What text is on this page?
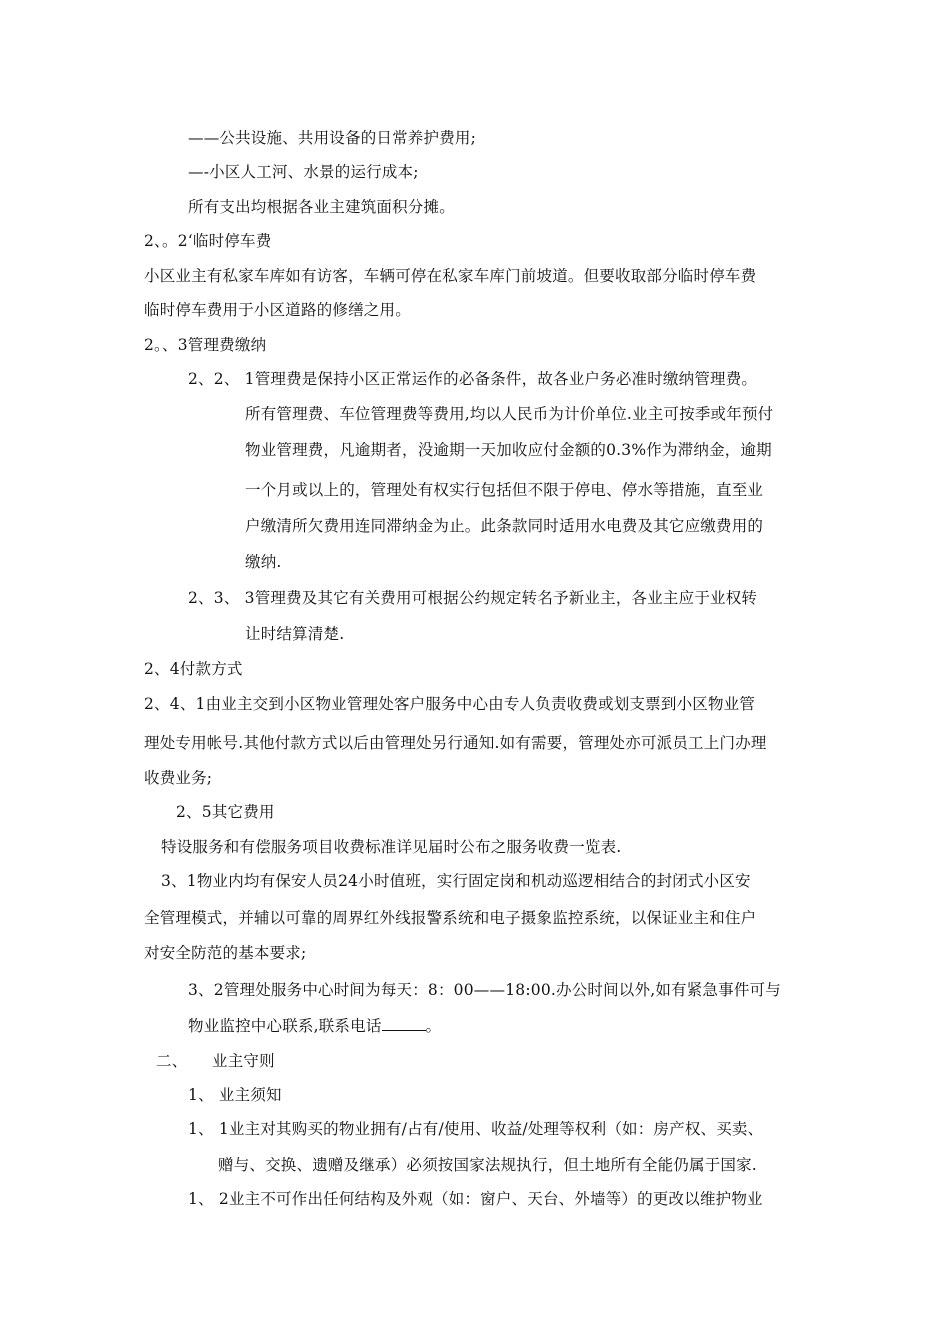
——公共设施、共用设备的日常养护费用;
—-小区人工河、水景的运行成本;
所有支出均根据各业主建筑面积分摊。
2、。2‘临时停车费
小区业主有私家车库如有访客，车辆可停在私家车库门前坡道。但要收取部分临时停车费
临时停车费用于小区道路的修缮之用。
2。、3管理费缴纳
2、2、 1管理费是保持小区正常运作的必备条件，故各业户务必准时缴纳管理费。
所有管理费、车位管理费等费用,均以人民币为计价单位.业主可按季或年预付
物业管理费，凡逾期者，没逾期一天加收应付金额的0.3%作为滞纳金，逾期
一个月或以上的，管理处有权实行包括但不限于停电、停水等措施，直至业
户缴清所欠费用连同滞纳金为止。此条款同时适用水电费及其它应缴费用的
缴纳.
2、3、 3管理费及其它有关费用可根据公约规定转名予新业主，各业主应于业权转
让时结算清楚.
2、4付款方式
2、4、1由业主交到小区物业管理处客户服务中心由专人负责收费或划支票到小区物业管
理处专用帐号.其他付款方式以后由管理处另行通知.如有需要，管理处亦可派员工上门办理
收费业务;
2、5其它费用
特设服务和有偿服务项目收费标准详见届时公布之服务收费一览表.
3、1物业内均有保安人员24小时值班，实行固定岗和机动巡逻相结合的封闭式小区安
全管理模式，并辅以可靠的周界红外线报警系统和电子摄象监控系统，以保证业主和住户
对安全防范的基本要求;
3、2管理处服务中心时间为每天：8：00——18:00.办公时间以外,如有紧急事件可与
物业监控中心联系,联系电话	。
二、 业主守则
1、 业主须知
1、 1业主对其购买的物业拥有/占有/使用、收益/处理等权利（如：房产权、买卖、
赠与、交换、遗赠及继承）必须按国家法规执行，但土地所有全能仍属于国家.
1、 2业主不可作出任何结构及外观（如：窗户、天台、外墙等）的更改以维护物业
